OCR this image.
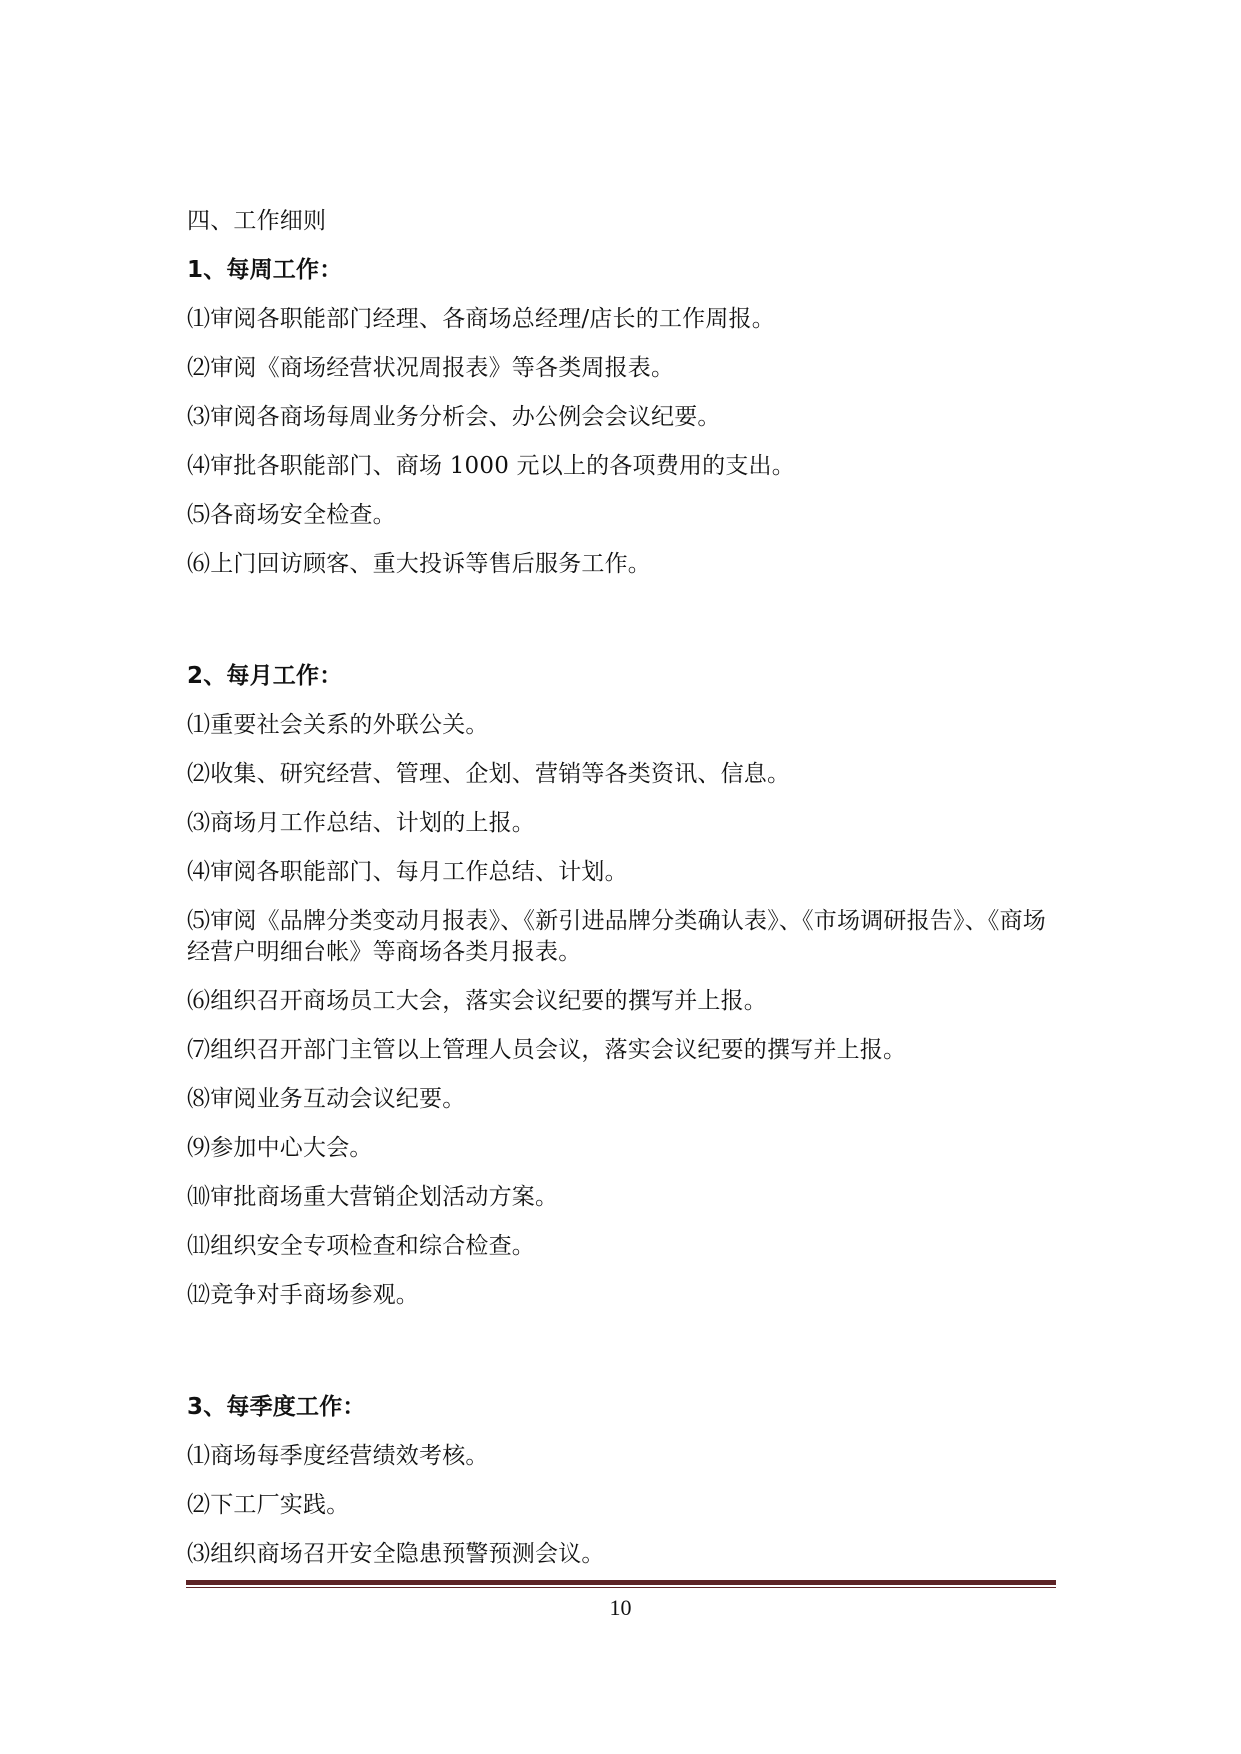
四、工作细则
1、每周工作：
⑴审阅各职能部门经理、各商场总经理/店长的工作周报。
⑵审阅《商场经营状况周报表》等各类周报表。
⑶审阅各商场每周业务分析会、办公例会会议纪要。
⑷审批各职能部门、商场 1000 元以上的各项费用的支出。
⑸各商场安全检查。
⑹上门回访顾客、重大投诉等售后服务工作。
2、每月工作：
⑴重要社会关系的外联公关。
⑵收集、研究经营、管理、企划、营销等各类资讯、信息。
⑶商场月工作总结、计划的上报。
⑷审阅各职能部门、每月工作总结、计划。
⑸审阅《品牌分类变动月报表》、《新引进品牌分类确认表》、《市场调研报告》、《商场经营户明细台帐》等商场各类月报表。
⑹组织召开商场员工大会，落实会议纪要的撰写并上报。
⑺组织召开部门主管以上管理人员会议，落实会议纪要的撰写并上报。
⑻审阅业务互动会议纪要。
⑼参加中心大会。
⑽审批商场重大营销企划活动方案。
⑾组织安全专项检查和综合检查。
⑿竞争对手商场参观。
3、每季度工作：
⑴商场每季度经营绩效考核。
⑵下工厂实践。
⑶组织商场召开安全隐患预警预测会议。
10
